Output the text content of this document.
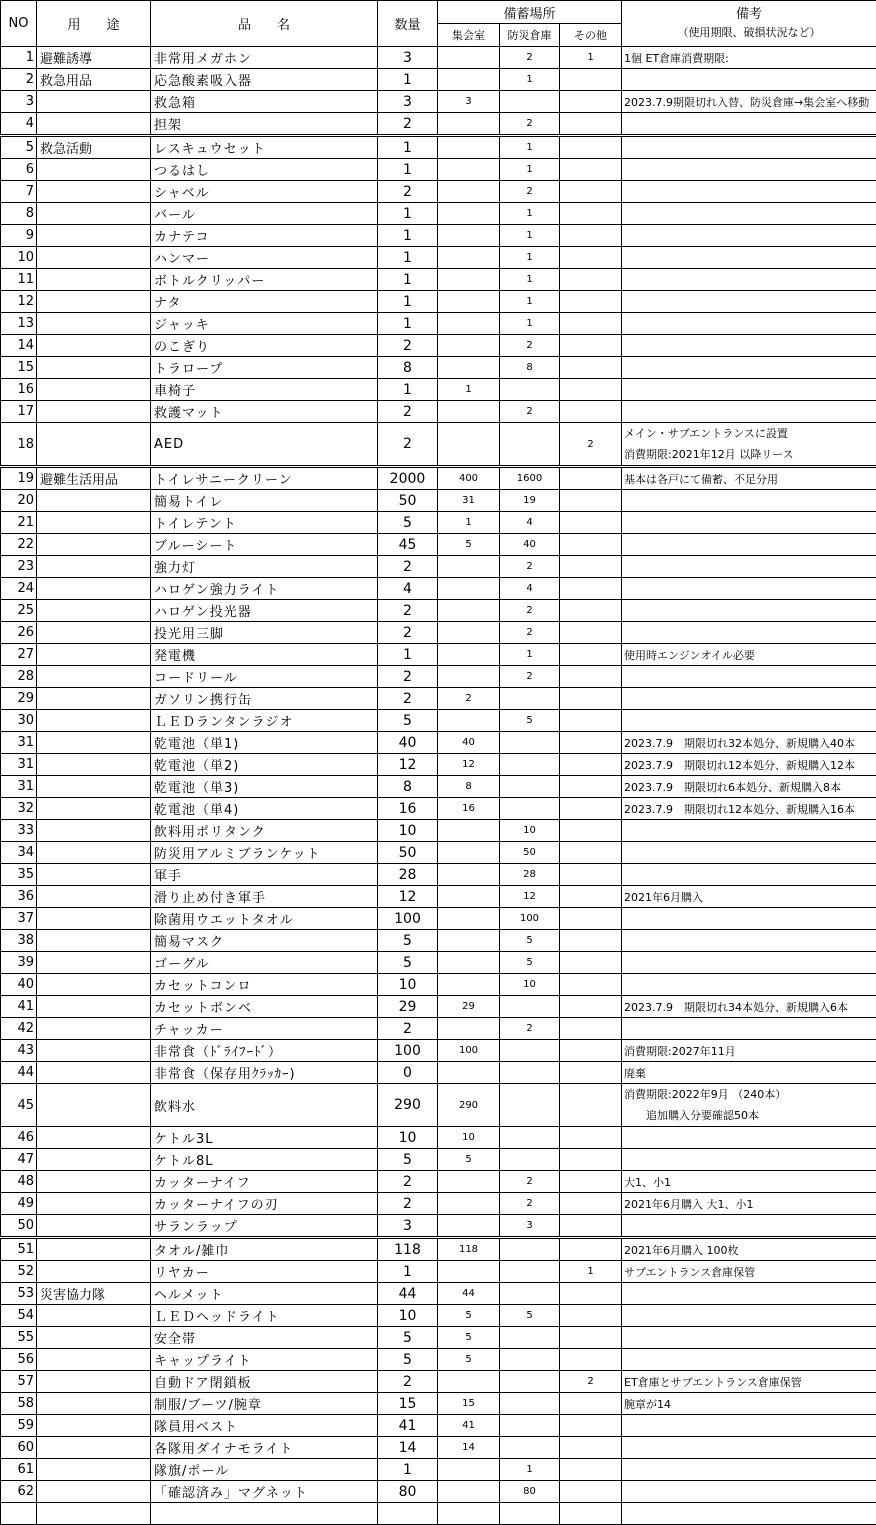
NO	用　　途	品　　名	数量	備蓄場所			備考
（使用期限、破損状況など）
				集会室	防災倉庫	その他	
1	避難誘導	非常用メガホン	3		2	1	1個 ET倉庫消費期限:
2	救急用品	応急酸素吸入器	1		1		
3		救急箱	3	3			2023.7.9期限切れ入替、防災倉庫→集会室へ移動
4		担架	2		2		
5	救急活動	レスキュウセット	1		1		
6		つるはし	1		1		
7		シャベル	2		2		
8		バール	1		1		
9		カナテコ	1		1		
10		ハンマー	1		1		
11		ボトルクリッパー	1		1		
12		ナタ	1		1		
13		ジャッキ	1		1		
14		のこぎり	2		2		
15		トラロープ	8		8		
16		車椅子	1	1			
17		救護マット	2		2		
18		AED	2			2	メイン・サブエントランスに設置
消費期限:2021年12月 以降リース

19	避難生活用品	トイレサニークリーン	2000	400	1600		基本は各戸にて備蓄、不足分用
20		簡易トイレ	50	31	19		
21		トイレテント	5	1	4		
22		ブルーシート	45	5	40		
23		強力灯	2		2		
24		ハロゲン強力ライト	4		4		
25		ハロゲン投光器	2		2		
26		投光用三脚	2		2		
27		発電機	1		1		使用時エンジンオイル必要
28		コードリール	2		2		
29		ガソリン携行缶	2	2			
30		ＬＥＤランタンラジオ	5		5		
31		乾電池（単1)	40	40			2023.7.9　期限切れ32本処分、新規購入40本
31		乾電池（単2)	12	12			2023.7.9　期限切れ12本処分、新規購入12本
31		乾電池（単3)	8	8			2023.7.9　期限切れ6本処分、新規購入8本
32		乾電池（単4)	16	16			2023.7.9　期限切れ12本処分、新規購入16本
33		飲料用ポリタンク	10		10		
34		防災用アルミブランケット	50		50		
35		軍手	28		28		
36		滑り止め付き軍手	12		12		2021年6月購入
37		除菌用ウエットタオル	100		100		
38		簡易マスク	5		5		
39		ゴーグル	5		5		
40		カセットコンロ	10		10		
41		カセットボンベ	29	29			2023.7.9　期限切れ34本処分、新規購入6本
42		チャッカー	2		2		
43		非常食（ﾄﾞﾗｲﾌｰﾄﾞ）	100	100			消費期限:2027年11月
44		非常食（保存用ｸﾗｯｶｰ)	0				廃棄
45		飲料水	290	290			消費期限:2022年9月 （240本）
　　追加購入分要確認50本

46		ケトル3L	10	10			
47		ケトル8L	5	5			
48		カッターナイフ	2		2		大1、小1
49		カッターナイフの刃	2		2		2021年6月購入 大1、小1
50		サランラップ	3		3		
51		タオル/雑巾	118	118			2021年6月購入 100枚
52		リヤカー	1			1	サブエントランス倉庫保管
53	災害協力隊	ヘルメット	44	44			
54		ＬＥＤヘッドライト	10	5	5		
55		安全帯	5	5			
56		キャップライト	5	5			
57		自動ドア閉鎖板	2			2	ET倉庫とサブエントランス倉庫保管
58		制服/ブーツ/腕章	15	15			腕章が14
59		隊員用ベスト	41	41			
60		各隊用ダイナモライト	14	14			
61		隊旗/ポール	1		1		
62		「確認済み」マグネット	80		80		
